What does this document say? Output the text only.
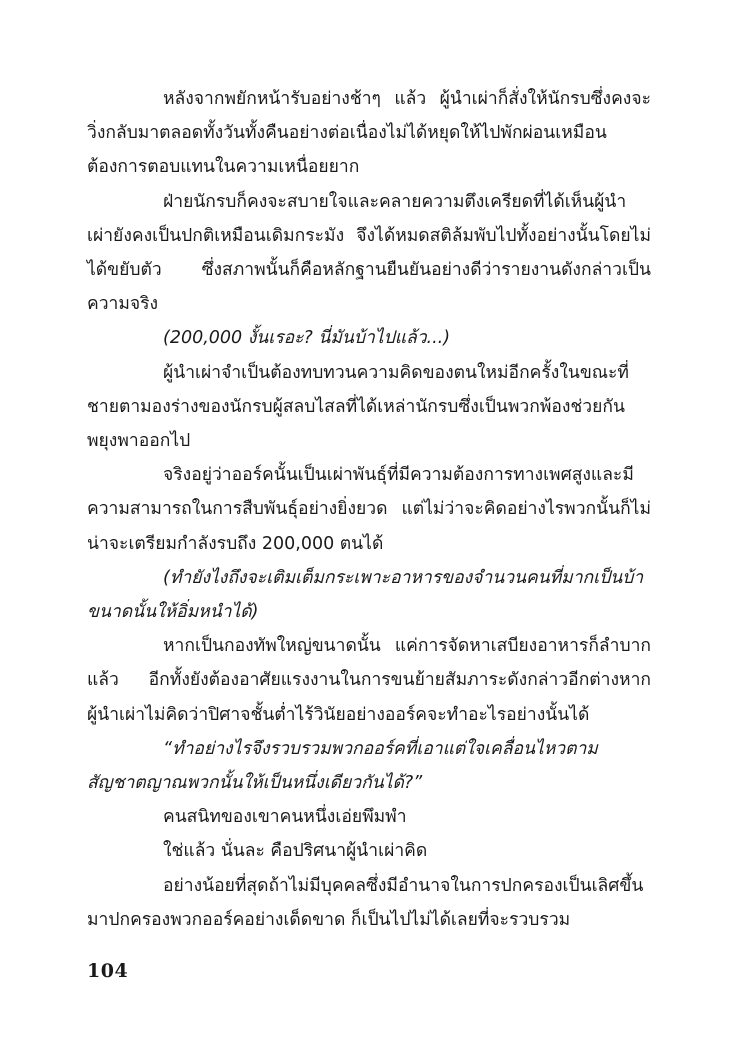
หลังจากพยักหน้ารับอย่างช้าๆ แล้ว ผู้นำเผ่าก็สั่งให้นักรบซึ่งคงจะวิ่งกลับมาตลอดทั้งวันทั้งคืนอย่างต่อเนื่องไม่ได้หยุดให้ไปพักผ่อนเหมือนต้องการตอบแทนในความเหนื่อยยาก

ฝ่ายนักรบก็คงจะสบายใจและคลายความตึงเครียดที่ได้เห็นผู้นำเผ่ายังคงเป็นปกติเหมือนเดิมกระมัง จึงได้หมดสติล้มพับไปทั้งอย่างนั้นโดยไม่ได้ขยับตัว ซึ่งสภาพนั้นก็คือหลักฐานยืนยันอย่างดีว่ารายงานดังกล่าวเป็นความจริง

(200,000 งั้นเรอะ? นี่มันบ้าไปแล้ว...)

ผู้นำเผ่าจำเป็นต้องทบทวนความคิดของตนใหม่อีกครั้งในขณะที่ชายตามองร่างของนักรบผู้สลบไสลที่ได้เหล่านักรบซึ่งเป็นพวกพ้องช่วยกันพยุงพาออกไป

จริงอยู่ว่าออร์คนั้นเป็นเผ่าพันธุ์ที่มีความต้องการทางเพศสูงและมีความสามารถในการสืบพันธุ์อย่างยิ่งยวด แต่ไม่ว่าจะคิดอย่างไรพวกนั้นก็ไม่น่าจะเตรียมกำลังรบถึง 200,000 ตนได้

(ทำยังไงถึงจะเติมเต็มกระเพาะอาหารของจำนวนคนที่มากเป็นบ้าขนาดนั้นให้อิ่มหนำได้)

หากเป็นกองทัพใหญ่ขนาดนั้น แค่การจัดหาเสบียงอาหารก็ลำบากแล้ว อีกทั้งยังต้องอาศัยแรงงานในการขนย้ายสัมภาระดังกล่าวอีกต่างหาก ผู้นำเผ่าไม่คิดว่าปิศาจชั้นต่ำไร้วินัยอย่างออร์คจะทำอะไรอย่างนั้นได้

“ทำอย่างไรจึงรวบรวมพวกออร์คที่เอาแต่ใจเคลื่อนไหวตามสัญชาตญาณพวกนั้นให้เป็นหนึ่งเดียวกันได้?”

คนสนิทของเขาคนหนึ่งเอ่ยพึมพำ

ใช่แล้ว นั่นละ คือปริศนาผู้นำเผ่าคิด

อย่างน้อยที่สุดถ้าไม่มีบุคคลซึ่งมีอำนาจในการปกครองเป็นเลิศขึ้นมาปกครองพวกออร์คอย่างเด็ดขาด ก็เป็นไปไม่ได้เลยที่จะรวบรวม

104
